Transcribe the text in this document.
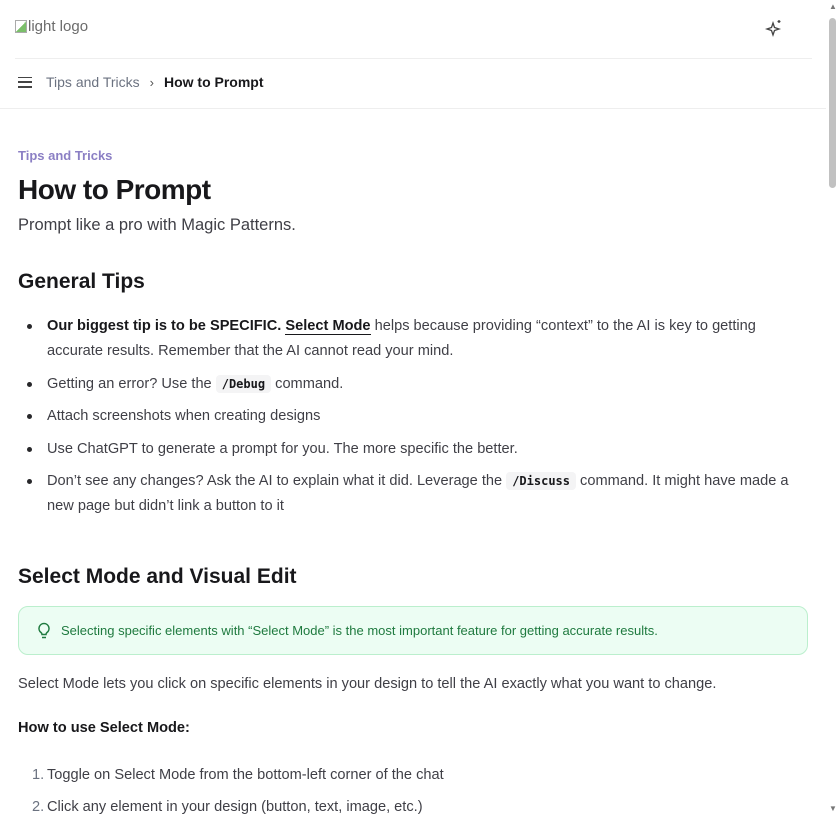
light logo
Tips and Tricks › How to Prompt
Tips and Tricks
How to Prompt
Prompt like a pro with Magic Patterns.
General Tips
Our biggest tip is to be SPECIFIC. Select Mode helps because providing “context” to the AI is key to getting accurate results. Remember that the AI cannot read your mind.
Getting an error? Use the /Debug command.
Attach screenshots when creating designs
Use ChatGPT to generate a prompt for you. The more specific the better.
Don’t see any changes? Ask the AI to explain what it did. Leverage the /Discuss command. It might have made a new page but didn’t link a button to it
Select Mode and Visual Edit
Selecting specific elements with “Select Mode” is the most important feature for getting accurate results.
Select Mode lets you click on specific elements in your design to tell the AI exactly what you want to change.
How to use Select Mode:
1. Toggle on Select Mode from the bottom-left corner of the chat
2. Click any element in your design (button, text, image, etc.)
▲
▼
